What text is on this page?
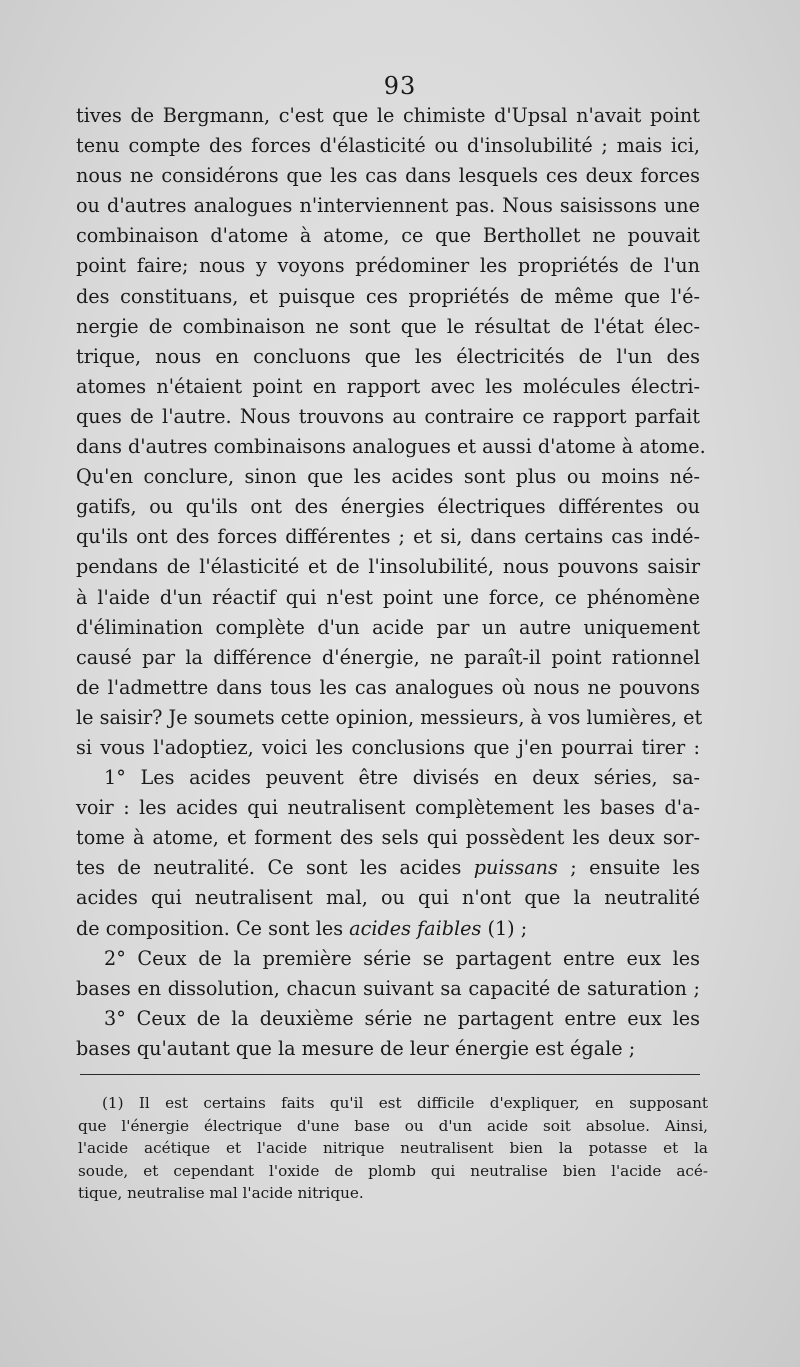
93
tives de Bergmann, c'est que le chimiste d'Upsal n'avait point
tenu compte des forces d'élasticité ou d'insolubilité ; mais ici,
nous ne considérons que les cas dans lesquels ces deux forces
ou d'autres analogues n'interviennent pas. Nous saisissons une
combinaison d'atome à atome, ce que Berthollet ne pouvait
point faire; nous y voyons prédominer les propriétés de l'un
des constituans, et puisque ces propriétés de même que l'é-
nergie de combinaison ne sont que le résultat de l'état élec-
trique, nous en concluons que les électricités de l'un des
atomes n'étaient point en rapport avec les molécules électri-
ques de l'autre. Nous trouvons au contraire ce rapport parfait
dans d'autres combinaisons analogues et aussi d'atome à atome.
Qu'en conclure, sinon que les acides sont plus ou moins né-
gatifs, ou qu'ils ont des énergies électriques différentes ou
qu'ils ont des forces différentes ; et si, dans certains cas indé-
pendans de l'élasticité et de l'insolubilité, nous pouvons saisir
à l'aide d'un réactif qui n'est point une force, ce phénomène
d'élimination complète d'un acide par un autre uniquement
causé par la différence d'énergie, ne paraît-il point rationnel
de l'admettre dans tous les cas analogues où nous ne pouvons
le saisir? Je soumets cette opinion, messieurs, à vos lumières, et
si vous l'adoptiez, voici les conclusions que j'en pourrai tirer :
1° Les acides peuvent être divisés en deux séries, sa-
voir : les acides qui neutralisent complètement les bases d'a-
tome à atome, et forment des sels qui possèdent les deux sor-
tes de neutralité. Ce sont les acides puissans ; ensuite les
acides qui neutralisent mal, ou qui n'ont que la neutralité
de composition. Ce sont les acides faibles (1) ;
2° Ceux de la première série se partagent entre eux les
bases en dissolution, chacun suivant sa capacité de saturation ;
3° Ceux de la deuxième série ne partagent entre eux les
bases qu'autant que la mesure de leur énergie est égale ;
(1) Il est certains faits qu'il est difficile d'expliquer, en supposant
que l'énergie électrique d'une base ou d'un acide soit absolue. Ainsi,
l'acide acétique et l'acide nitrique neutralisent bien la potasse et la
soude, et cependant l'oxide de plomb qui neutralise bien l'acide acé-
tique, neutralise mal l'acide nitrique.
